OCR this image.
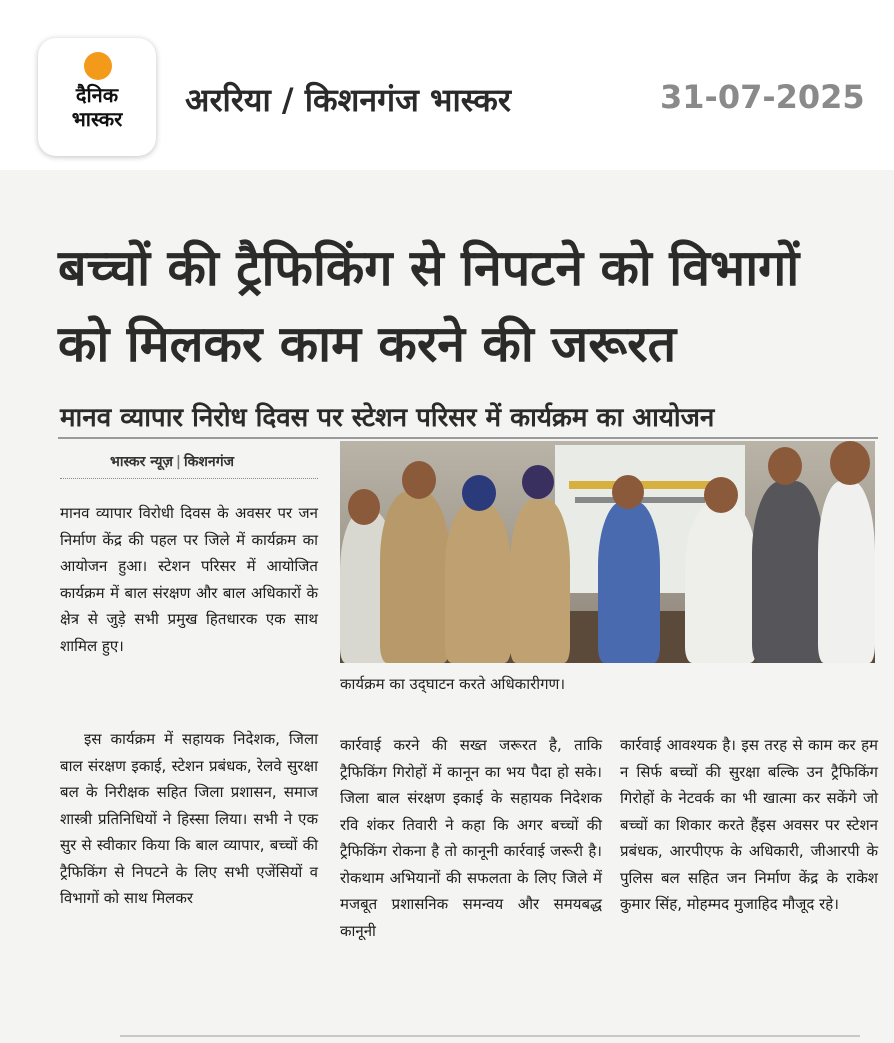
दैनिक
भास्कर	अररिया / किशनगंज भास्कर	31-07-2025
बच्चों की ट्रैफिकिंग से निपटने को विभागों
को मिलकर काम करने की जरूरत
मानव व्यापार निरोध दिवस पर स्टेशन परिसर में कार्यक्रम का आयोजन
भास्कर न्यूज़ | किशनगंज
कार्यक्रम का उद्‌घाटन करते अधिकारीगण।

मानव व्यापार विरोधी दिवस के अवसर पर जन निर्माण केंद्र की पहल पर जिले में कार्यक्रम का आयोजन हुआ। स्टेशन परिसर में आयोजित कार्यक्रम में बाल संरक्षण और बाल अधिकारों के क्षेत्र से जुड़े सभी प्रमुख हितधारक एक साथ शामिल हुए।

इस कार्यक्रम में सहायक निदेशक, जिला बाल संरक्षण इकाई, स्टेशन प्रबंधक, रेलवे सुरक्षा बल के निरीक्षक सहित जिला प्रशासन, समाज शास्त्री प्रतिनिधियों ने हिस्सा लिया। सभी ने एक सुर से स्वीकार किया कि बाल व्यापार, बच्चों की ट्रैफिकिंग से निपटने के लिए सभी एजेंसियों व विभागों को साथ मिलकर

कार्रवाई करने की सख्त जरूरत है, ताकि ट्रैफिकिंग गिरोहों में कानून का भय पैदा हो सके। जिला बाल संरक्षण इकाई के सहायक निदेशक रवि शंकर तिवारी ने कहा कि अगर बच्चों की ट्रैफिकिंग रोकना है तो कानूनी कार्रवाई जरूरी है। रोकथाम अभियानों की सफलता के लिए जिले में मजबूत प्रशासनिक समन्वय और समयबद्ध कानूनी

कार्रवाई आवश्यक है। इस तरह से काम कर हम न सिर्फ बच्चों की सुरक्षा बल्कि उन ट्रैफिकिंग गिरोहों के नेटवर्क का भी खात्मा कर सकेंगे जो बच्चों का शिकार करते हैंइस अवसर पर स्टेशन प्रबंधक, आरपीएफ के अधिकारी, जीआरपी के पुलिस बल सहित जन निर्माण केंद्र के राकेश कुमार सिंह, मोहम्मद मुजाहिद मौजूद रहे।
